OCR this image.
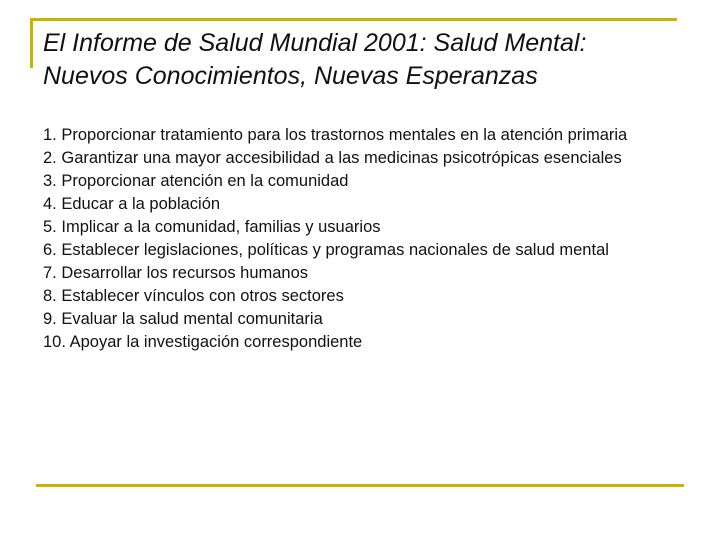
El Informe de Salud Mundial 2001: Salud Mental:
Nuevos Conocimientos, Nuevas Esperanzas
1. Proporcionar tratamiento para los trastornos mentales en la atención primaria
2. Garantizar una mayor accesibilidad a las medicinas psicotrópicas esenciales
3. Proporcionar atención en la comunidad
4. Educar a la población
5. Implicar a la comunidad, familias y usuarios
6. Establecer legislaciones, políticas y programas nacionales de salud mental
7. Desarrollar los recursos humanos
8. Establecer vínculos con otros sectores
9. Evaluar la salud mental comunitaria
10. Apoyar la investigación correspondiente
